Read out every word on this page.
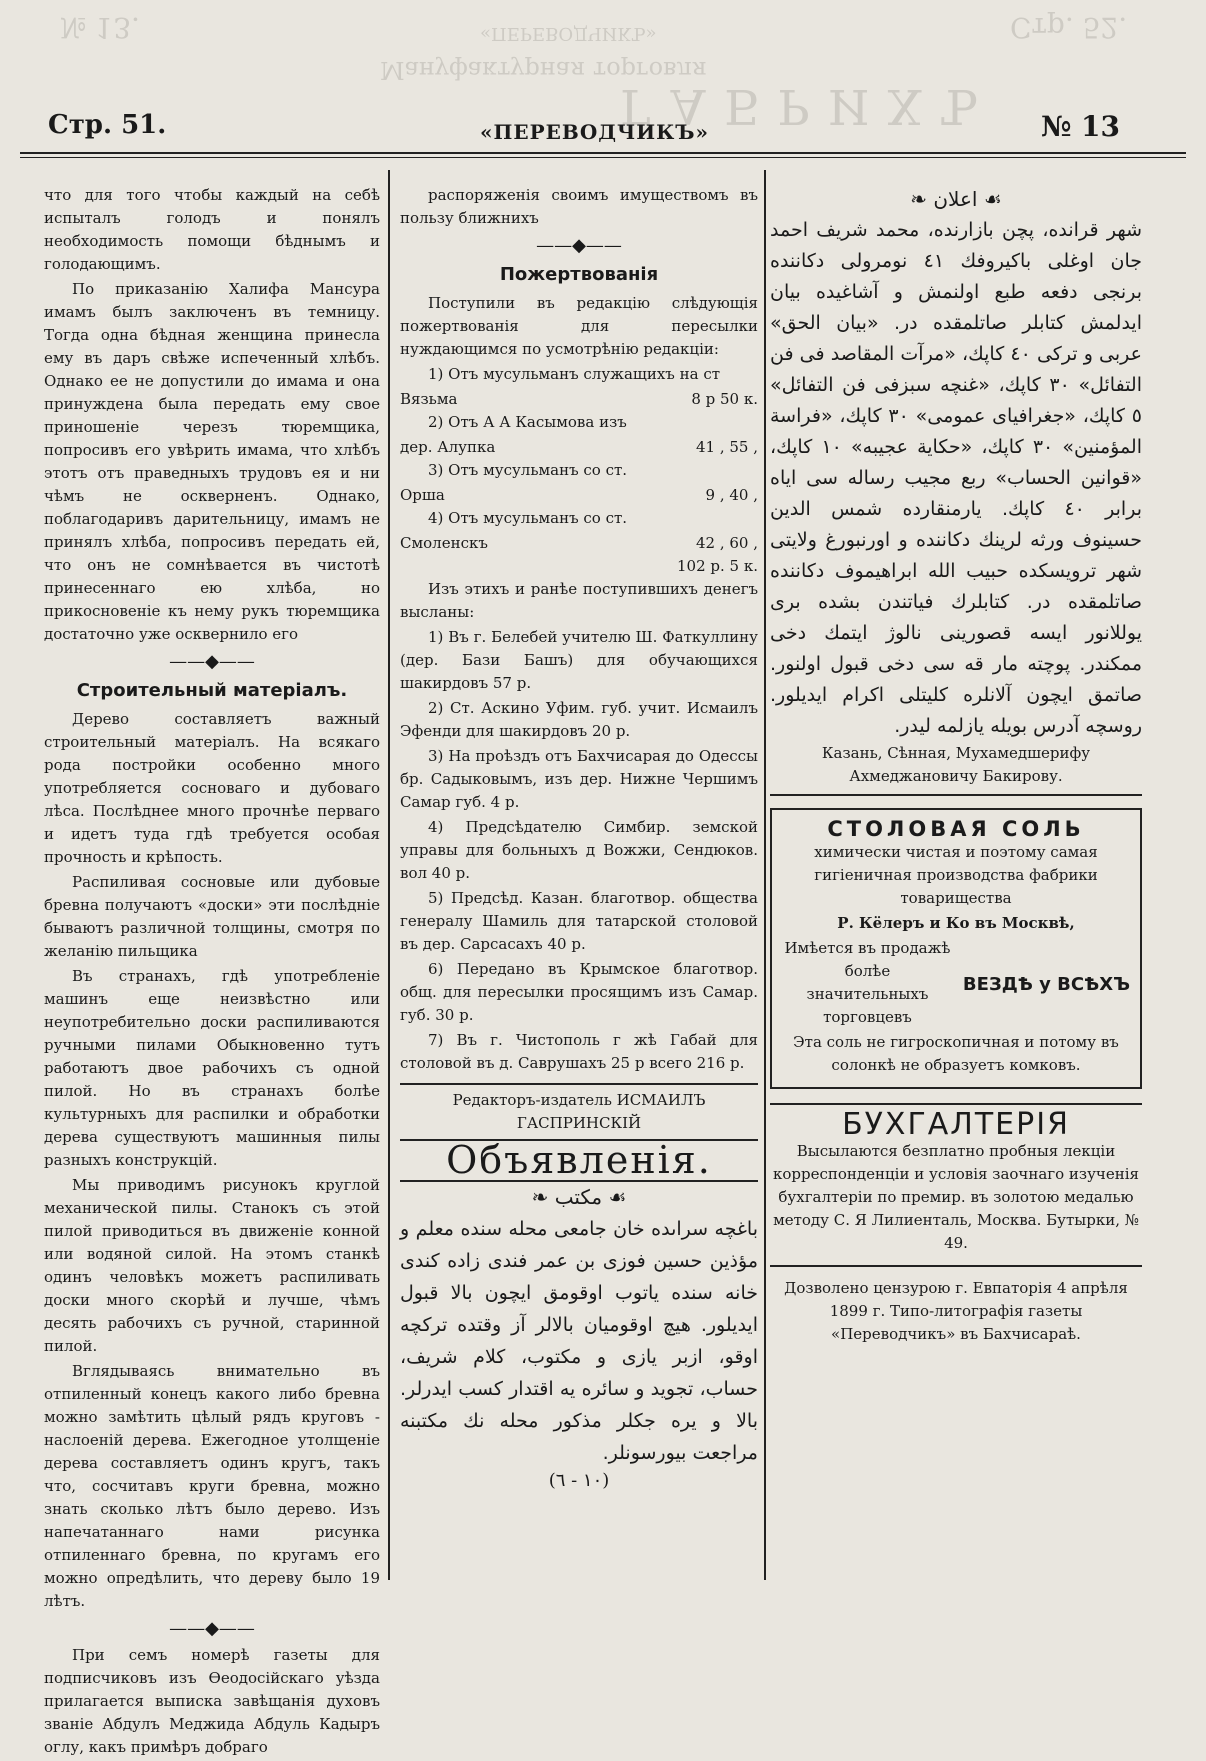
№ 13.	«ПЕРЕВОДЧИКЪ»	Стр. 52.
Мануфактурная торговля
ГАБРИХЪ
Стр. 51.	«ПЕРЕВОДЧИКЪ»	№ 13

что для того чтобы каждый на себѣ испыталъ голодъ и понялъ необходимость помощи бѣднымъ и голодающимъ.

По приказанію Халифа Мансура имамъ былъ заключенъ въ темницу. Тогда одна бѣдная женщина принесла ему въ даръ свѣже испеченный хлѣбъ. Однако ее не допустили до имама и она принуждена была передать ему свое приношеніе черезъ тюремщика, попросивъ его увѣрить имама, что хлѣбъ этотъ отъ праведныхъ трудовъ ея и ни чѣмъ не оскверненъ. Однако, поблагодаривъ дарительницу, имамъ не принялъ хлѣба, попросивъ передать ей, что онъ не сомнѣвается въ чистотѣ принесеннаго ею хлѣба, но прикосновеніе къ нему рукъ тюремщика достаточно уже осквернило его

——◆——
Строительный матеріалъ.

Дерево составляетъ важный строительный матеріалъ. На всякаго рода постройки особенно много употребляется сосноваго и дубоваго лѣса. Послѣднее много прочнѣе перваго и идетъ туда гдѣ требуется особая прочность и крѣпость.

Распиливая сосновые или дубовые бревна получаютъ «доски» эти послѣдніе бываютъ различной толщины, смотря по желанію пильщика

Въ странахъ, гдѣ употребленіе машинъ еще неизвѣстно или неупотребительно доски распиливаются ручными пилами Обыкновенно тутъ работаютъ двое рабочихъ съ одной пилой. Но въ странахъ болѣе культурныхъ для распилки и обработки дерева существуютъ машинныя пилы разныхъ конструкцій.

Мы приводимъ рисунокъ круглой механической пилы. Станокъ съ этой пилой приводиться въ движеніе конной или водяной силой. На этомъ станкѣ одинъ человѣкъ можетъ распиливать доски много скорѣй и лучше, чѣмъ десять рабочихъ съ ручной, старинной пилой.

Вглядываясь внимательно въ отпиленный конецъ какого либо бревна можно замѣтить цѣлый рядъ круговъ - наслоеній дерева. Ежегодное утолщеніе дерева составляетъ одинъ кругъ, такъ что, сосчитавъ круги бревна, можно знать сколько лѣтъ было дерево. Изъ напечатаннаго нами рисунка отпиленнаго бревна, по кругамъ его можно опредѣлить, что дереву было 19 лѣтъ.

——◆——

При семъ номерѣ газеты для подписчиковъ изъ Ѳеодосійскаго уѣзда прилагается выписка завѣщанія духовъ званіе Абдулъ Меджида Абдуль Кадыръ оглу, какъ примѣръ добраго

распоряженія своимъ имуществомъ въ пользу ближнихъ

——◆——
Пожертвованія

Поступили въ редакцію слѣдующія пожертвованія для пересылки нуждающимся по усмотрѣнію редакціи:

1) Отъ мусульманъ служащихъ на ст

Вязьма	8 р 50 к.

2) Отъ А А Касымова изъ

дер. Алупка	41 , 55 ,

3) Отъ мусульманъ со ст.

Орша	9 , 40 ,

4) Отъ мусульманъ со ст.

Смоленскъ	42 , 60 ,
102 р. 5 к.

Изъ этихъ и ранѣе поступившихъ денегъ высланы:

1) Въ г. Белебей учителю Ш. Фаткуллину (дер. Бази Башъ) для обучающихся шакирдовъ 57 р.

2) Ст. Аскино Уфим. губ. учит. Исмаилъ Эфенди для шакирдовъ 20 р.

3) На проѣздъ отъ Бахчисарая до Одессы бр. Садыковымъ, изъ дер. Нижне Чершимъ Самар губ. 4 р.

4) Предсѣдателю Симбир. земской управы для больныхъ д Вожжи, Сендюков. вол 40 р.

5) Предсѣд. Казан. благотвор. общества генералу Шамиль для татарской столовой въ дер. Сарсасахъ 40 р.

6) Передано въ Крымское благотвор. общ. для пересылки просящимъ изъ Самар. губ. 30 р.

7) Въ г. Чистополь г жѣ Габай для столовой въ д. Саврушахъ 25 р всего 216 р.

Редакторъ-издатель ИСМАИЛЪ ГАСПРИНСКІЙ

Объявленія.
❧ مكتب ☙
باغچه سراىده خان جامعى محله سنده معلم و مؤذين حسين فوزى بن عمر فندى زاده كندى خانه سنده ياتوب اوقومق ايچون بالا قبول ايديلور. هيچ اوقوميان بالالر آز وقتده تركچه اوقو، ازبر يازى و مكتوب، كلام شريف، حساب، تجويد و سائره يه اقتدار كسب ايدرلر. بالا و يره جكلر مذكور محله نك مكتبنه مراجعت بيورسونلر.
(١٠ - ٦)
❧ اعلان ☙
شهر قرانده، پچن بازارنده، محمد شريف احمد جان اوغلى باكيروفك ٤١ نومرولى دكاننده برنجى دفعه طبع اولنمش و آشاغيده بيان ايدلمش كتابلر صاتلمقده در. «بيان الحق» عربى و تركى ٤٠ كاپك، «مرآت المقاصد فى فن التفائل» ٣٠ كاپك، «غنچه سبزفى فن التفائل» ٥ كاپك، «جغرافياى عمومى» ٣٠ كاپك، «فراسة المؤمنين» ٣٠ كاپك، «حكاية عجيبه» ١٠ كاپك، «قوانين الحساب» ربع مجيب رساله سى اياه برابر ٤٠ كاپك. يارمنقارده شمس الدين حسينوف ورثه لرينك دكاننده و اورنبورغ ولايتى شهر ترويسكده حبيب الله ابراهيموف دكاننده صاتلمقده در. كتابلرك فياتندن بشده برى يوللانور ايسه قصورينى نالوژ ايتمك دخى ممكندر. پوچته مار قه سى دخى قبول اولنور. صاتمق ايچون آلانلره كليتلى اكرام ايديلور. روسچه آدرس بويله يازلمه ليدر.

Казань, Сѣнная, Мухамедшерифу Ахмеджановичу Бакирову.

СТОЛОВАЯ СОЛЬ

химически чистая и поэтому самая гигіеничная производства фабрики товарищества

Р. Кёлеръ и Ко въ Москвѣ,

Имѣется въ продажѣ болѣе значительныхъ торговцевъ

ВЕЗДѢ у ВСѢХЪ

Эта соль не гигроскопичная и потому въ солонкѣ не образуетъ комковъ.

БУХГАЛТЕРІЯ

Высылаются безплатно пробныя лекціи корреспонденціи и условія заочнаго изученія бухгалтеріи по премир. въ золотою медалью методу С. Я Лилиенталь, Москва. Бутырки, № 49.

Дозволено цензурою г. Евпаторія 4 апрѣля 1899 г. Типо-литографія газеты «Переводчикъ» въ Бахчисараѣ.
